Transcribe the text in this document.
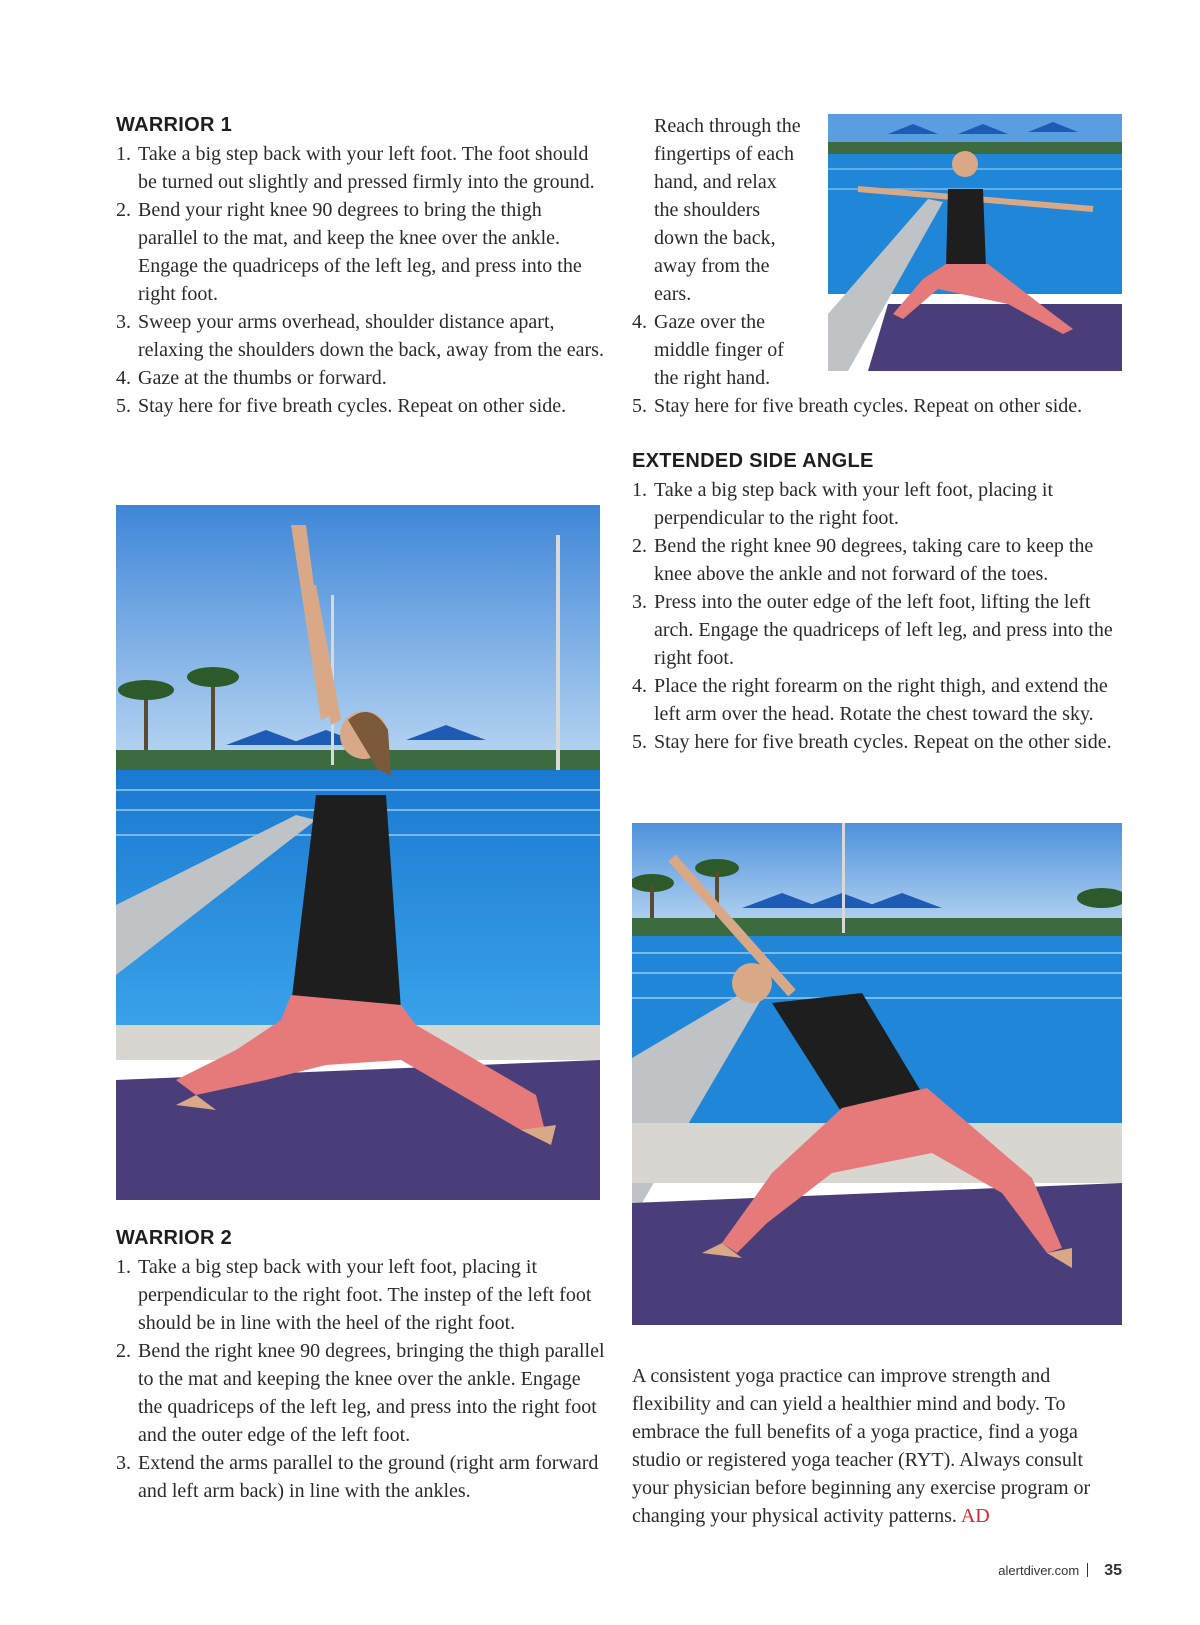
WARRIOR 1
1. Take a big step back with your left foot. The foot should be turned out slightly and pressed firmly into the ground.
2. Bend your right knee 90 degrees to bring the thigh parallel to the mat, and keep the knee over the ankle. Engage the quadriceps of the left leg, and press into the right foot.
3. Sweep your arms overhead, shoulder distance apart, relaxing the shoulders down the back, away from the ears.
4. Gaze at the thumbs or forward.
5. Stay here for five breath cycles. Repeat on other side.
WARRIOR 2
1. Take a big step back with your left foot, placing it perpendicular to the right foot. The instep of the left foot should be in line with the heel of the right foot.
2. Bend the right knee 90 degrees, bringing the thigh parallel to the mat and keeping the knee over the ankle. Engage the quadriceps of the left leg, and press into the right foot and the outer edge of the left foot.
3. Extend the arms parallel to the ground (right arm forward and left arm back) in line with the ankles.
Reach through the fingertips of each hand, and relax the shoulders down the back, away from the ears.
4. Gaze over the middle finger of the right hand.
5. Stay here for five breath cycles. Repeat on other side.
EXTENDED SIDE ANGLE
1. Take a big step back with your left foot, placing it perpendicular to the right foot.
2. Bend the right knee 90 degrees, taking care to keep the knee above the ankle and not forward of the toes.
3. Press into the outer edge of the left foot, lifting the left arch. Engage the quadriceps of left leg, and press into the right foot.
4. Place the right forearm on the right thigh, and extend the left arm over the head. Rotate the chest toward the sky.
5. Stay here for five breath cycles. Repeat on the other side.

A consistent yoga practice can improve strength and flexibility and can yield a healthier mind and body. To embrace the full benefits of a yoga practice, find a yoga studio or registered yoga teacher (RYT). Always consult your physician before beginning any exercise program or changing your physical activity patterns. AD

alertdiver.com 35
